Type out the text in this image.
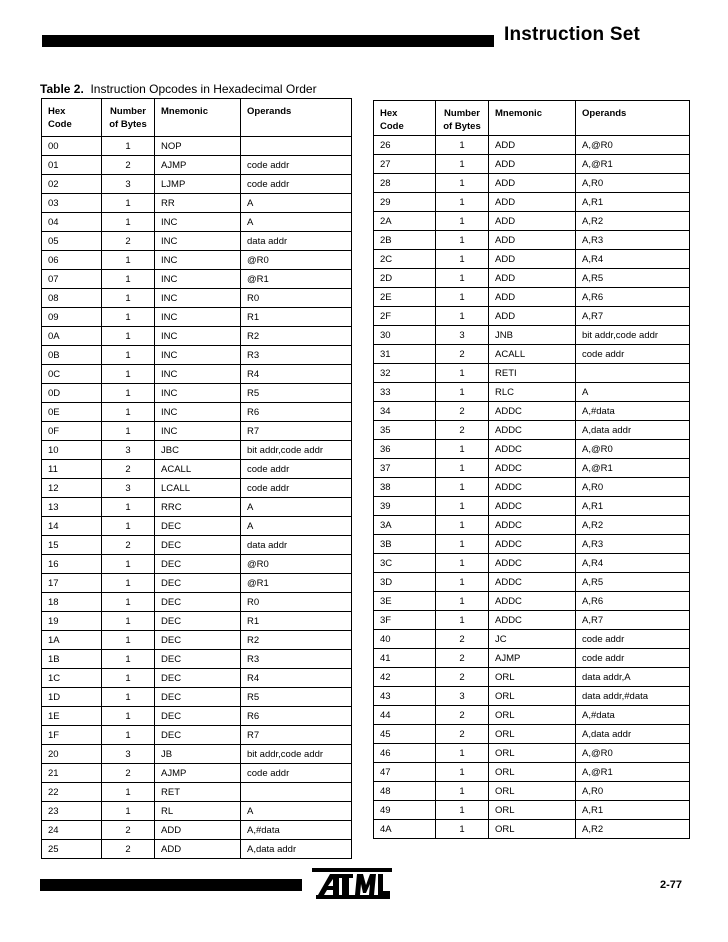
Instruction Set
Table 2. Instruction Opcodes in Hexadecimal Order
Hex
Code	Number
of Bytes	Mnemonic	Operands
00	1	NOP	
01	2	AJMP	code addr
02	3	LJMP	code addr
03	1	RR	A
04	1	INC	A
05	2	INC	data addr
06	1	INC	@R0
07	1	INC	@R1
08	1	INC	R0
09	1	INC	R1
0A	1	INC	R2
0B	1	INC	R3
0C	1	INC	R4
0D	1	INC	R5
0E	1	INC	R6
0F	1	INC	R7
10	3	JBC	bit addr,code addr
11	2	ACALL	code addr
12	3	LCALL	code addr
13	1	RRC	A
14	1	DEC	A
15	2	DEC	data addr
16	1	DEC	@R0
17	1	DEC	@R1
18	1	DEC	R0
19	1	DEC	R1
1A	1	DEC	R2
1B	1	DEC	R3
1C	1	DEC	R4
1D	1	DEC	R5
1E	1	DEC	R6
1F	1	DEC	R7
20	3	JB	bit addr,code addr
21	2	AJMP	code addr
22	1	RET	
23	1	RL	A
24	2	ADD	A,#data
25	2	ADD	A,data addr
Hex
Code	Number
of Bytes	Mnemonic	Operands
26	1	ADD	A,@R0
27	1	ADD	A,@R1
28	1	ADD	A,R0
29	1	ADD	A,R1
2A	1	ADD	A,R2
2B	1	ADD	A,R3
2C	1	ADD	A,R4
2D	1	ADD	A,R5
2E	1	ADD	A,R6
2F	1	ADD	A,R7
30	3	JNB	bit addr,code addr
31	2	ACALL	code addr
32	1	RETI	
33	1	RLC	A
34	2	ADDC	A,#data
35	2	ADDC	A,data addr
36	1	ADDC	A,@R0
37	1	ADDC	A,@R1
38	1	ADDC	A,R0
39	1	ADDC	A,R1
3A	1	ADDC	A,R2
3B	1	ADDC	A,R3
3C	1	ADDC	A,R4
3D	1	ADDC	A,R5
3E	1	ADDC	A,R6
3F	1	ADDC	A,R7
40	2	JC	code addr
41	2	AJMP	code addr
42	2	ORL	data addr,A
43	3	ORL	data addr,#data
44	2	ORL	A,#data
45	2	ORL	A,data addr
46	1	ORL	A,@R0
47	1	ORL	A,@R1
48	1	ORL	A,R0
49	1	ORL	A,R1
4A	1	ORL	A,R2
2-77
